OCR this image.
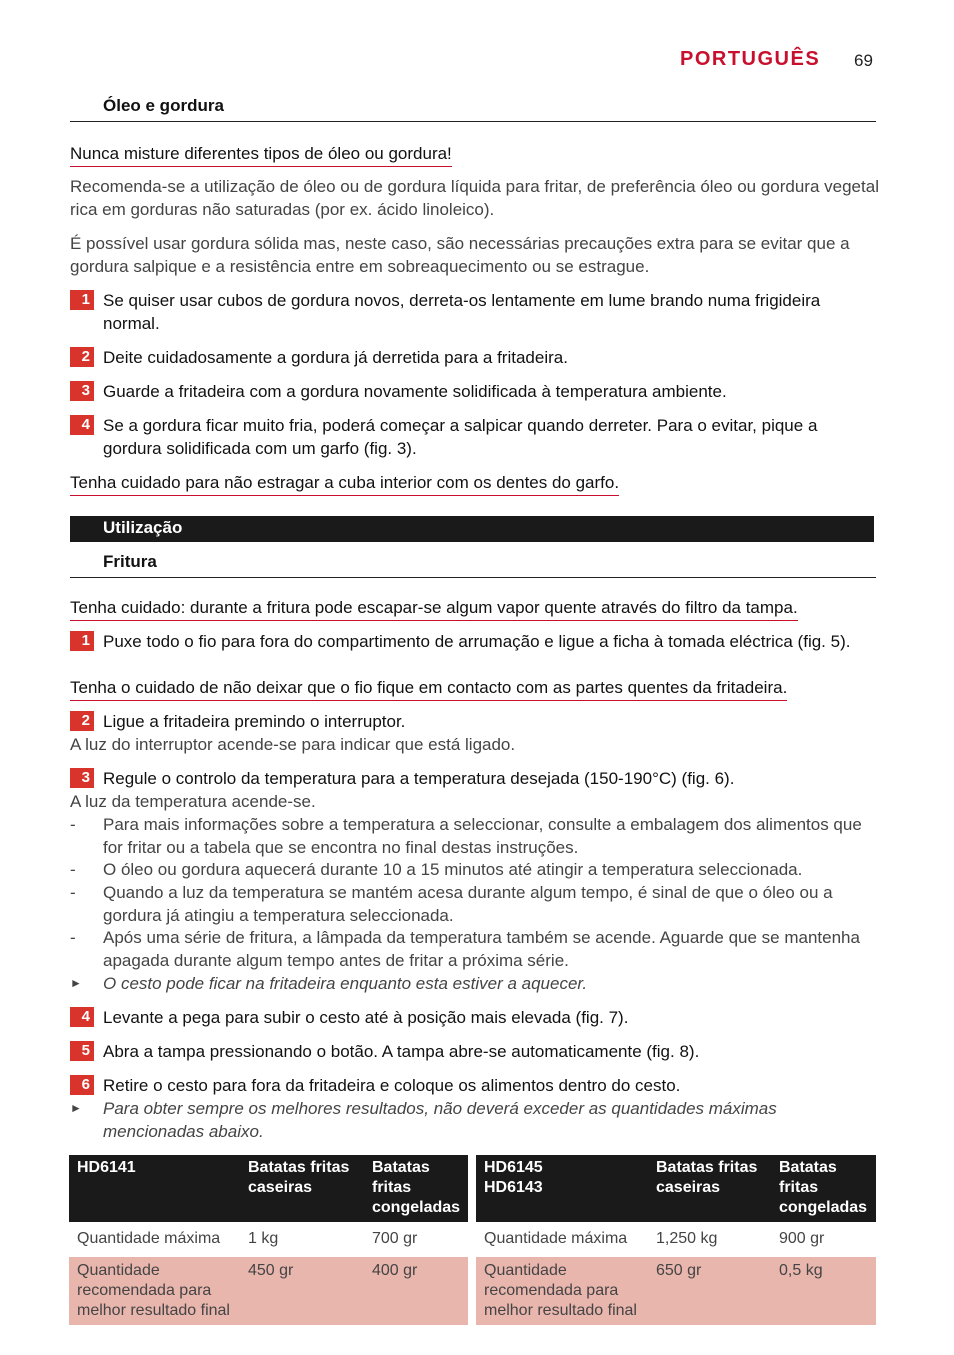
PORTUGUÊS 69
Óleo e gordura
Nunca misture diferentes tipos de óleo ou gordura!
Recomenda-se a utilização de óleo ou de gordura líquida para fritar, de preferência óleo ou gordura vegetal rica em gorduras não saturadas (por ex. ácido linoleico).
É possível usar gordura sólida mas, neste caso, são necessárias precauções extra para se evitar que a gordura salpique e a resistência entre em sobreaquecimento ou se estrague.
1 Se quiser usar cubos de gordura novos, derreta-os lentamente em lume brando numa frigideira normal.
2 Deite cuidadosamente a gordura já derretida para a fritadeira.
3 Guarde a fritadeira com a gordura novamente solidificada à temperatura ambiente.
4 Se a gordura ficar muito fria, poderá começar a salpicar quando derreter. Para o evitar, pique a gordura solidificada com um garfo (fig. 3).
Tenha cuidado para não estragar a cuba interior com os dentes do garfo.
Utilização
Fritura
Tenha cuidado: durante a fritura pode escapar-se algum vapor quente através do filtro da tampa.
1 Puxe todo o fio para fora do compartimento de arrumação e ligue a ficha à tomada eléctrica (fig. 5).
Tenha o cuidado de não deixar que o fio fique em contacto com as partes quentes da fritadeira.
2 Ligue a fritadeira premindo o interruptor.
A luz do interruptor acende-se para indicar que está ligado.
3 Regule o controlo da temperatura para a temperatura desejada (150-190°C) (fig. 6).
A luz da temperatura acende-se.
- Para mais informações sobre a temperatura a seleccionar, consulte a embalagem dos alimentos que for fritar ou a tabela que se encontra no final destas instruções.
- O óleo ou gordura aquecerá durante 10 a 15 minutos até atingir a temperatura seleccionada.
- Quando a luz da temperatura se mantém acesa durante algum tempo, é sinal de que o óleo ou a gordura já atingiu a temperatura seleccionada.
- Após uma série de fritura, a lâmpada da temperatura também se acende. Aguarde que se mantenha apagada durante algum tempo antes de fritar a próxima série.
► O cesto pode ficar na fritadeira enquanto esta estiver a aquecer.
4 Levante a pega para subir o cesto até à posição mais elevada (fig. 7).
5 Abra a tampa pressionando o botão. A tampa abre-se automaticamente (fig. 8).
6 Retire o cesto para fora da fritadeira e coloque os alimentos dentro do cesto.
► Para obter sempre os melhores resultados, não deverá exceder as quantidades máximas mencionadas abaixo.
HD6141	Batatas fritas caseiras	Batatas fritas congeladas
Quantidade máxima	1 kg	700 gr
Quantidade recomendada para melhor resultado final	450 gr	400 gr
HD6145
HD6143	Batatas fritas caseiras	Batatas fritas congeladas
Quantidade máxima	1,250 kg	900 gr
Quantidade recomendada para melhor resultado final	650 gr	0,5 kg
